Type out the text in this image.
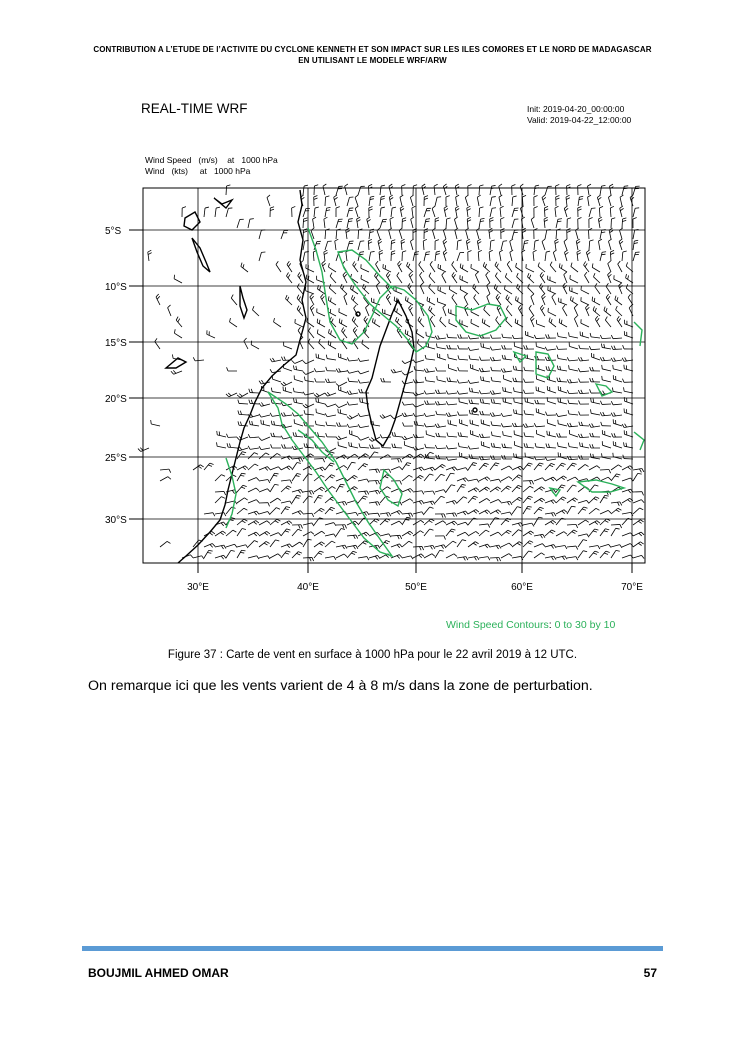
CONTRIBUTION A L’ETUDE DE l’ACTIVITE DU CYCLONE KENNETH ET SON IMPACT SUR LES ILES COMORES ET LE NORD DE MADAGASCAR
EN UTILISANT LE MODELE WRF/ARW
REAL-TIME WRF	Init: 2019-04-20_00:00:00
Valid: 2019-04-22_12:00:00
Wind Speed   (m/s)    at   1000 hPa
Wind   (kts)     at   1000 hPa
5°S
10°S
15°S
20°S
25°S
30°S
30°E	40°E	50°E	60°E	70°E
Wind Speed Contours: 0 to 30 by 10
Figure 37 : Carte de vent en surface à 1000 hPa pour le 22 avril 2019 à 12 UTC.
On remarque ici que les vents varient de 4 à 8 m/s dans la zone de perturbation.
BOUJMIL AHMED OMAR	57
